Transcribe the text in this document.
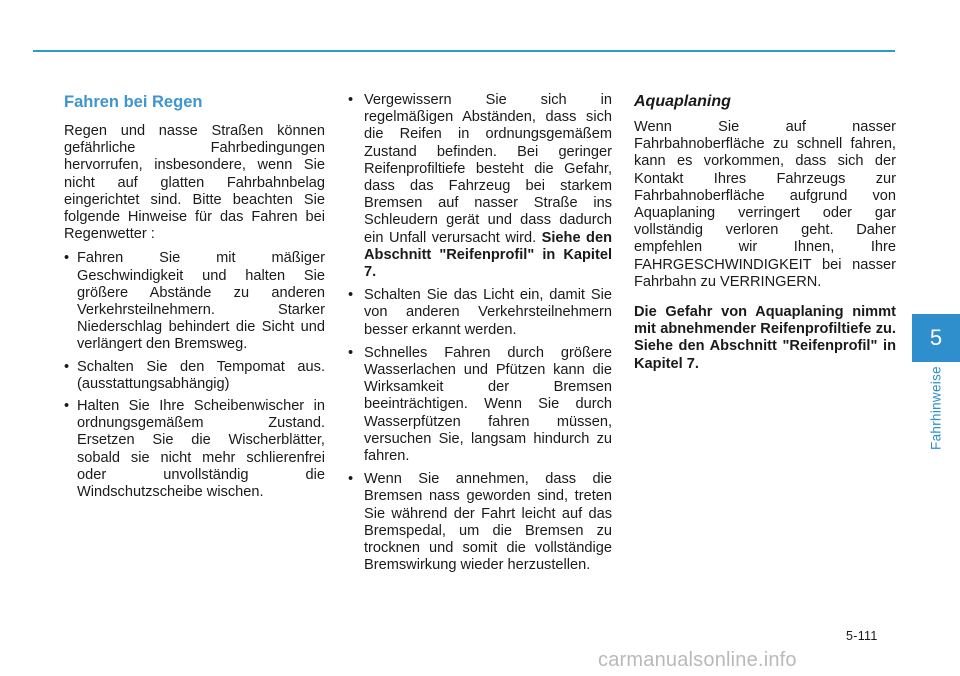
Fahren bei Regen

Regen und nasse Straßen können gefährliche Fahrbedingungen hervorrufen, insbesondere, wenn Sie nicht auf glatten Fahrbahnbelag eingerichtet sind. Bitte beachten Sie folgende Hinweise für das Fahren bei Regenwetter :

• Fahren Sie mit mäßiger Geschwindigkeit und halten Sie größere Abstände zu anderen Verkehrsteilnehmern. Starker Niederschlag behindert die Sicht und verlängert den Bremsweg.
• Schalten Sie den Tempomat aus. (ausstattungsabhängig)
• Halten Sie Ihre Scheibenwischer in ordnungsgemäßem Zustand. Ersetzen Sie die Wischerblätter, sobald sie nicht mehr schlierenfrei oder unvollständig die Windschutzscheibe wischen.
• Vergewissern Sie sich in regelmäßigen Abständen, dass sich die Reifen in ordnungsgemäßem Zustand befinden. Bei geringer Reifenprofiltiefe besteht die Gefahr, dass das Fahrzeug bei starkem Bremsen auf nasser Straße ins Schleudern gerät und dass dadurch ein Unfall verursacht wird. Siehe den Abschnitt "Reifenprofil" in Kapitel 7.
• Schalten Sie das Licht ein, damit Sie von anderen Verkehrsteilnehmern besser erkannt werden.
• Schnelles Fahren durch größere Wasserlachen und Pfützen kann die Wirksamkeit der Bremsen beeinträchtigen. Wenn Sie durch Wasserpfützen fahren müssen, versuchen Sie, langsam hindurch zu fahren.
• Wenn Sie annehmen, dass die Bremsen nass geworden sind, treten Sie während der Fahrt leicht auf das Bremspedal, um die Bremsen zu trocknen und somit die vollständige Bremswirkung wieder herzustellen.
Aquaplaning

Wenn Sie auf nasser Fahrbahnoberfläche zu schnell fahren, kann es vorkommen, dass sich der Kontakt Ihres Fahrzeugs zur Fahrbahnoberfläche aufgrund von Aquaplaning verringert oder gar vollständig verloren geht. Daher empfehlen wir Ihnen, Ihre FAHRGESCHWINDIGKEIT bei nasser Fahrbahn zu VERRINGERN.

Die Gefahr von Aquaplaning nimmt mit abnehmender Reifenprofiltiefe zu. Siehe den Abschnitt "Reifenprofil" in Kapitel 7.

5
Fahrhinweise
5-111
carmanualsonline.info
